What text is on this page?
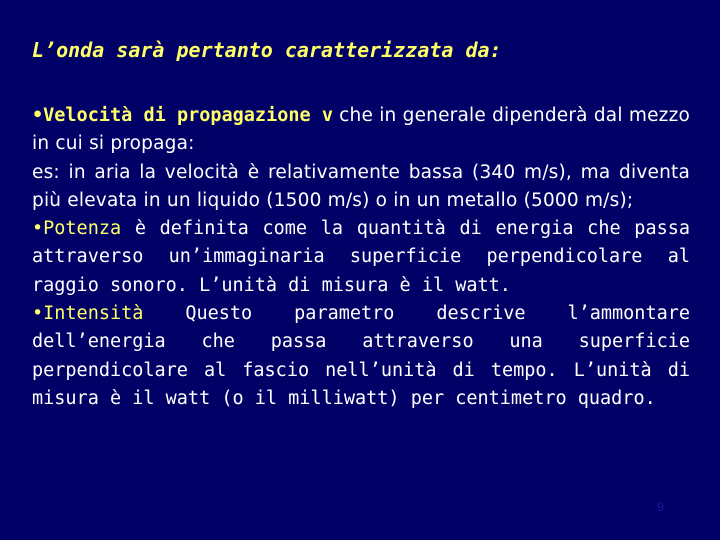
L’onda sarà pertanto caratterizzata da:

•Velocità di propagazione v che in generale dipenderà dal mezzo in cui si propaga:
es: in aria la velocità è relativamente bassa (340 m/s), ma diventa più elevata in un liquido (1500 m/s) o in un metallo (5000 m/s);

•Potenza è definita come la quantità di energia che passa attraverso un’immaginaria superficie perpendicolare al raggio sonoro. L’unità di misura è il watt.

•Intensità Questo parametro descrive l’ammontare dell’energia che passa attraverso una superficie perpendicolare al fascio nell’unità di tempo. L’unità di misura è il watt (o il milliwatt) per centimetro quadro.

9
